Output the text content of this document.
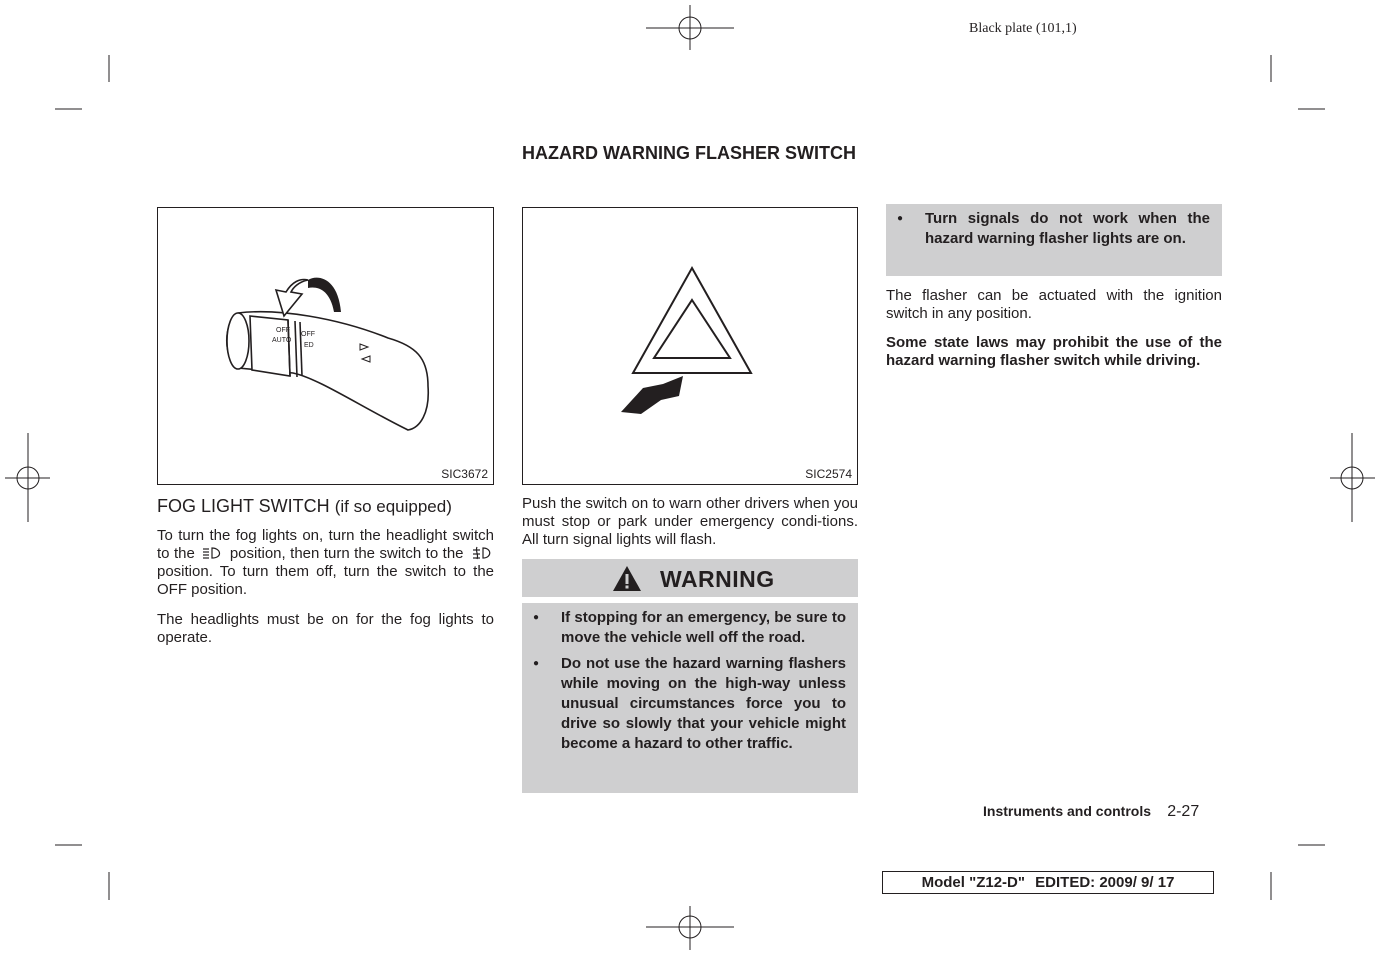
Black plate (101,1)
HAZARD WARNING FLASHER SWITCH
OFF
AUTO
OFF
ED
SIC3672	SIC2574
FOG LIGHT SWITCH (if so equipped)
To turn the fog lights on, turn the headlight switch to the position, then turn the switch to the  position. To turn them off, turn the switch to the OFF position.
The headlights must be on for the fog lights to operate.
Push the switch on to warn other drivers when you must stop or park under emergency condi-tions. All turn signal lights will flash.
WARNING
● If stopping for an emergency, be sure to move the vehicle well off the road.
● Do not use the hazard warning flashers while moving on the high-way unless unusual circumstances force you to drive so slowly that your vehicle might become a hazard to other traffic.
● Turn signals do not work when the hazard warning flasher lights are on.
The flasher can be actuated with the ignition switch in any position.
Some state laws may prohibit the use of the hazard warning flasher switch while driving.
Instruments and controls 2-27
Model "Z12-D" EDITED: 2009/ 9/ 17
